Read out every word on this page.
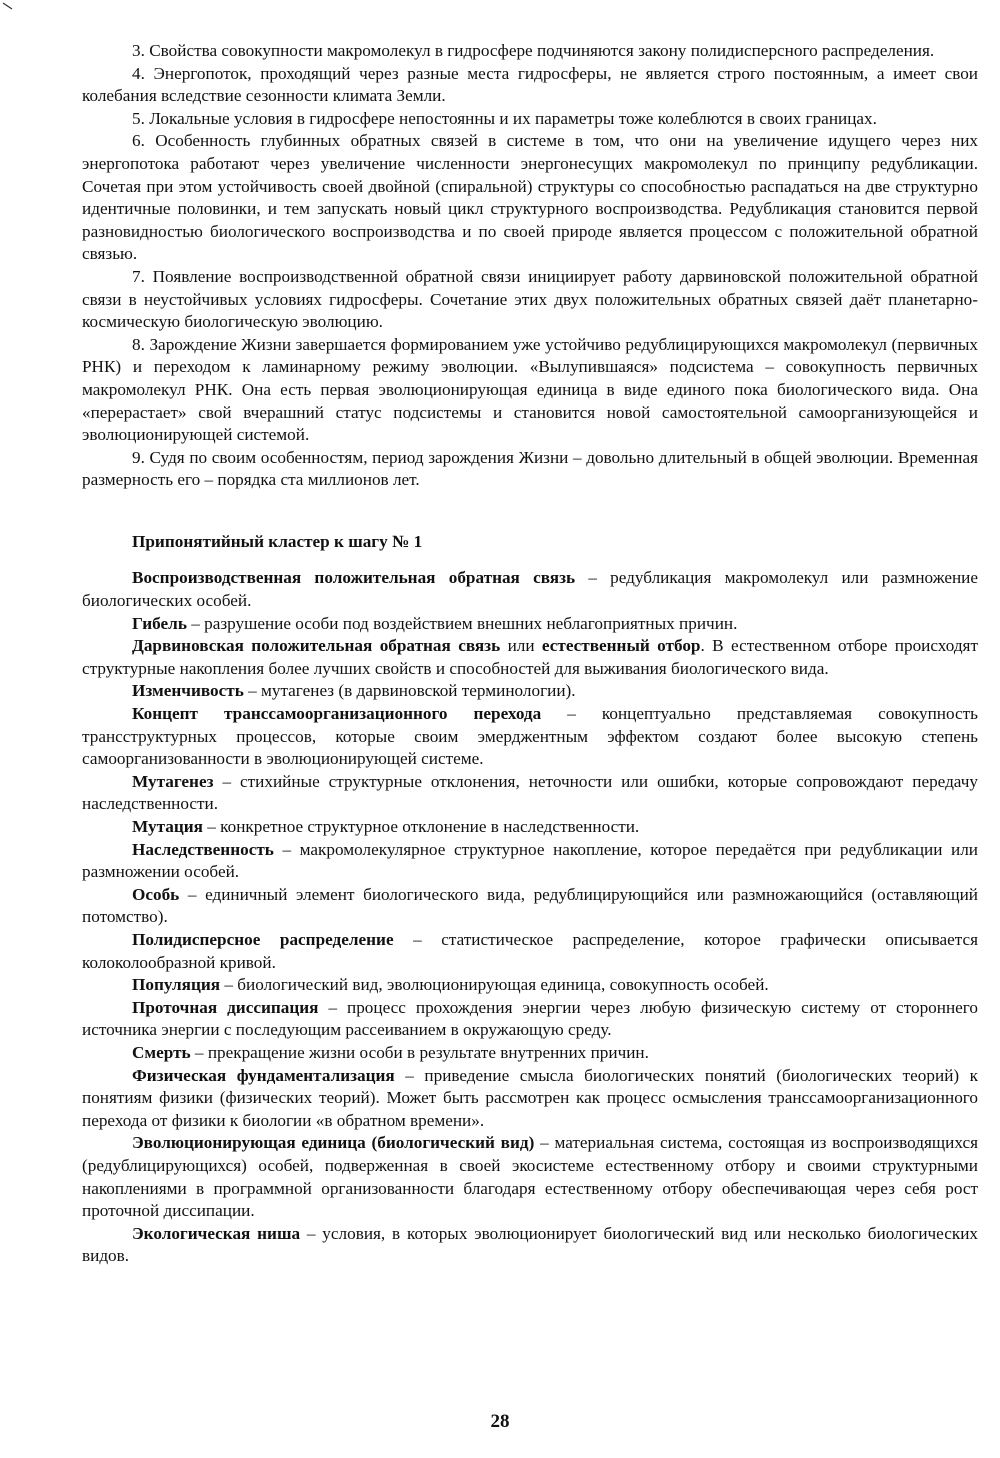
3. Свойства совокупности макромолекул в гидросфере подчиняются закону полидисперсного распределения.

4. Энергопоток, проходящий через разные места гидросферы, не является строго постоянным, а имеет свои колебания вследствие сезонности климата Земли.

5. Локальные условия в гидросфере непостоянны и их параметры тоже колеблются в своих границах.

6. Особенность глубинных обратных связей в системе в том, что они на увеличение идущего через них энергопотока работают через увеличение численности энергонесущих макромолекул по принципу редубликации. Сочетая при этом устойчивость своей двойной (спиральной) структуры со способностью распадаться на две структурно идентичные половинки, и тем запускать новый цикл структурного воспроизводства. Редубликация становится первой разновидностью биологического воспроизводства и по своей природе является процессом с положительной обратной связью.

7. Появление воспроизводственной обратной связи инициирует работу дарвиновской положительной обратной связи в неустойчивых условиях гидросферы. Сочетание этих двух положительных обратных связей даёт планетарно-космическую биологическую эволюцию.

8. Зарождение Жизни завершается формированием уже устойчиво редублицирующихся макромолекул (первичных РНК) и переходом к ламинарному режиму эволюции. «Вылупившаяся» подсистема – совокупность первичных макромолекул РНК. Она есть первая эволюционирующая единица в виде единого пока биологического вида. Она «перерастает» свой вчерашний статус подсистемы и становится новой самостоятельной самоорганизующейся и эволюционирующей системой.

9. Судя по своим особенностям, период зарождения Жизни – довольно длительный в общей эволюции. Временная размерность его – порядка ста миллионов лет.

Припонятийный кластер к шагу № 1

Воспроизводственная положительная обратная связь – редубликация макромолекул или размножение биологических особей.

Гибель – разрушение особи под воздействием внешних неблагоприятных причин.

Дарвиновская положительная обратная связь или естественный отбор. В естественном отборе происходят структурные накопления более лучших свойств и способностей для выживания биологического вида.

Изменчивость – мутагенез (в дарвиновской терминологии).

Концепт транссамоорганизационного перехода – концептуально представляемая совокупность трансструктурных процессов, которые своим эмерджентным эффектом создают более высокую степень самоорганизованности в эволюционирующей системе.

Мутагенез – стихийные структурные отклонения, неточности или ошибки, которые сопровождают передачу наследственности.

Мутация – конкретное структурное отклонение в наследственности.

Наследственность – макромолекулярное структурное накопление, которое передаётся при редубликации или размножении особей.

Особь – единичный элемент биологического вида, редублицирующийся или размножающийся (оставляющий потомство).

Полидисперсное распределение – статистическое распределение, которое графически описывается колоколообразной кривой.

Популяция – биологический вид, эволюционирующая единица, совокупность особей.

Проточная диссипация – процесс прохождения энергии через любую физическую систему от стороннего источника энергии с последующим рассеиванием в окружающую среду.

Смерть – прекращение жизни особи в результате внутренних причин.

Физическая фундаментализация – приведение смысла биологических понятий (биологических теорий) к понятиям физики (физических теорий). Может быть рассмотрен как процесс осмысления транссамоорганизационного перехода от физики к биологии «в обратном времени».

Эволюционирующая единица (биологический вид) – материальная система, состоящая из воспроизводящихся (редублицирующихся) особей, подверженная в своей экосистеме естественному отбору и своими структурными накоплениями в программной организованности благодаря естественному отбору обеспечивающая через себя рост проточной диссипации.

Экологическая ниша – условия, в которых эволюционирует биологический вид или несколько биологических видов.

28
